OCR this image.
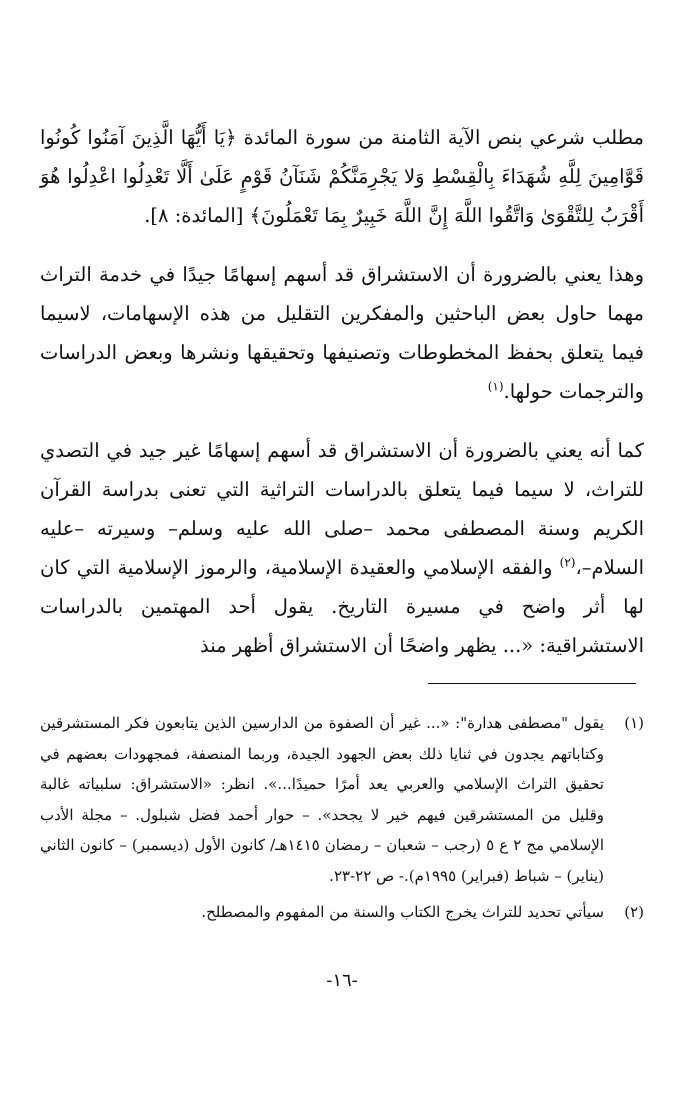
مطلب شرعي بنص الآية الثامنة من سورة المائدة ﴿يَا أَيُّهَا الَّذِينَ آمَنُوا كُونُوا قَوَّامِينَ لِلَّهِ شُهَدَاءَ بِالْقِسْطِ وَلا يَجْرِمَنَّكُمْ شَنَآنُ قَوْمٍ عَلَىٰ أَلَّا تَعْدِلُوا اعْدِلُوا هُوَ أَقْرَبُ لِلتَّقْوَىٰ وَاتَّقُوا اللَّهَ إِنَّ اللَّهَ خَبِيرٌ بِمَا تَعْمَلُونَ﴾ [المائدة: ٨].

وهذا يعني بالضرورة أن الاستشراق قد أسهم إسهامًا جيدًا في خدمة التراث مهما حاول بعض الباحثين والمفكرين التقليل من هذه الإسهامات، لاسيما فيما يتعلق بحفظ المخطوطات وتصنيفها وتحقيقها ونشرها وبعض الدراسات والترجمات حولها.$^{(١)}$

كما أنه يعني بالضرورة أن الاستشراق قد أسهم إسهامًا غير جيد في التصدي للتراث، لا سيما فيما يتعلق بالدراسات التراثية التي تعنى بدراسة القرآن الكريم وسنة المصطفى محمد –صلى الله عليه وسلم– وسيرته –عليه السلام–،$^{(٢)}$ والفقه الإسلامي والعقيدة الإسلامية، والرموز الإسلامية التي كان لها أثر واضح في مسيرة التاريخ. يقول أحد المهتمين بالدراسات الاستشراقية: «... يظهر واضحًا أن الاستشراق أظهر منذ

(١)
يقول "مصطفى هدارة": «... غير أن الصفوة من الدارسين الذين يتابعون فكر المستشرقين وكتاباتهم يجدون في ثنايا ذلك بعض الجهود الجيدة، وربما المنصفة، فمجهودات بعضهم في تحقيق التراث الإسلامي والعربي يعد أمرًا حميدًا...». انظر: «الاستشراق: سلبياته غالبة وقليل من المستشرقين فيهم خير لا يجحد». – حوار أحمد فضل شبلول. – مجلة الأدب الإسلامي مج ٢ ع ٥ (رجب – شعبان – رمضان ١٤١٥هـ/ كانون الأول (ديسمبر) – كانون الثاني (يناير) – شباط (فبراير) ١٩٩٥م).- ص ٢٢-٢٣.
(٢)
سيأتي تحديد للتراث يخرج الكتاب والسنة من المفهوم والمصطلح.
-١٦-
